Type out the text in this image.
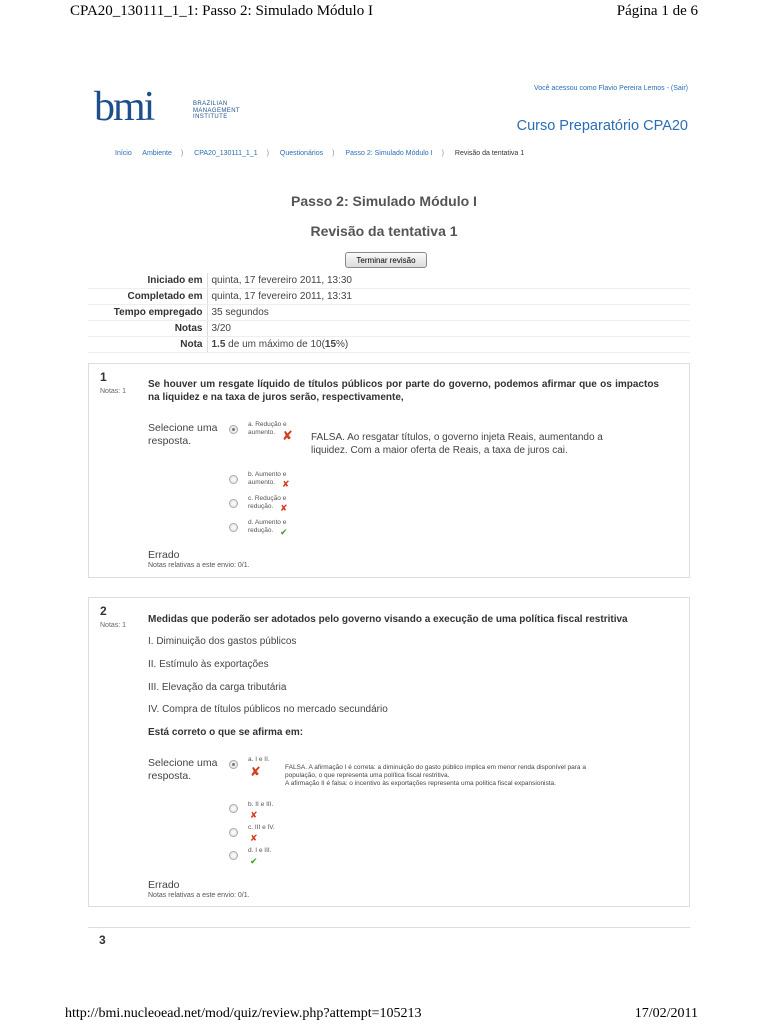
CPA20_130111_1_1: Passo 2: Simulado Módulo I	Página 1 de 6
bmi	BRAZILIAN
MANAGEMENT
INSTITUTE
Você acessou como Flavio Pereira Lemos - (Sair)
Curso Preparatório CPA20
Início Ambiente ) CPA20_130111_1_1 ) Questionários ) Passo 2: Simulado Módulo I ) Revisão da tentativa 1
Passo 2: Simulado Módulo I
Revisão da tentativa 1
Terminar revisão
Iniciado em	quinta, 17 fevereiro 2011, 13:30
Completado em	quinta, 17 fevereiro 2011, 13:31
Tempo empregado	35 segundos
Notas	3/20
Nota	1.5 de um máximo de 10(15%)
1
Notas: 1
Se houver um resgate líquido de títulos públicos por parte do governo, podemos afirmar que os impactos na liquidez e na taxa de juros serão, respectivamente,
Selecione uma resposta.
a. Redução e aumento. ✘ FALSA. Ao resgatar títulos, o governo injeta Reais, aumentando a liquidez. Com a maior oferta de Reais, a taxa de juros cai.
b. Aumento e aumento. ✘
c. Redução e redução. ✘
d. Aumento e redução. ✔
Errado
Notas relativas a este envio: 0/1.
2
Notas: 1
Medidas que poderão ser adotados pelo governo visando a execução de uma política fiscal restritiva
I. Diminuição dos gastos públicos
II. Estímulo às exportações
III. Elevação da carga tributária
IV. Compra de títulos públicos no mercado secundário
Está correto o que se afirma em:
Selecione uma resposta.
a. I e II.
✘	FALSA. A afirmação I é correta: a diminuição do gasto público implica em menor renda disponível para a
população, o que representa uma política fiscal restritiva.
A afirmação II é falsa: o incentivo às exportações representa uma política fiscal expansionista.
b. II e III.
✘
c. III e IV.
✘
d. I e III.
✔
Errado
Notas relativas a este envio: 0/1.
3
http://bmi.nucleoead.net/mod/quiz/review.php?attempt=105213	17/02/2011
